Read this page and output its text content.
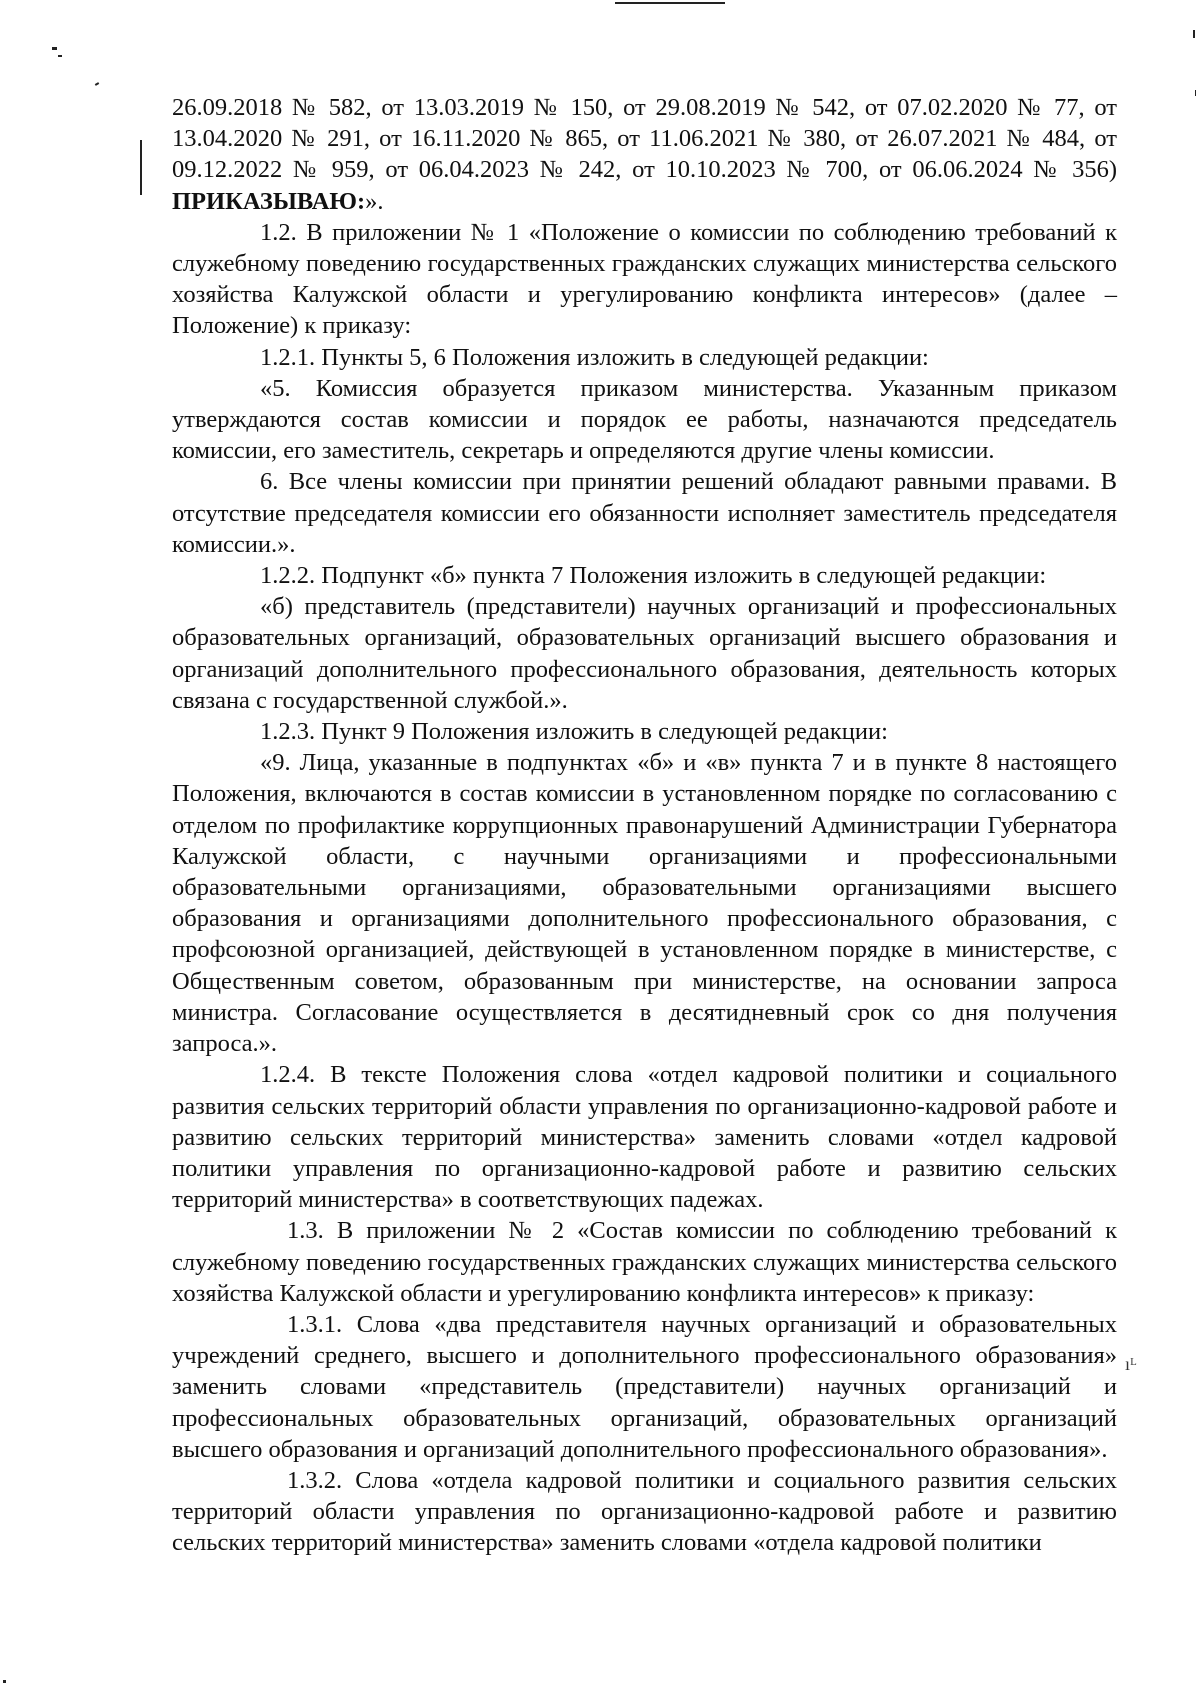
26.09.2018 № 582, от 13.03.2019 № 150, от 29.08.2019 № 542, от 07.02.2020 № 77, от 13.04.2020 № 291, от 16.11.2020 № 865, от 11.06.2021 № 380, от 26.07.2021 № 484, от 09.12.2022 № 959, от 06.04.2023 № 242, от 10.10.2023 № 700, от 06.06.2024 № 356) ПРИКАЗЫВАЮ:».

1.2. В приложении № 1 «Положение о комиссии по соблюдению требований к служебному поведению государственных гражданских служащих министерства сельского хозяйства Калужской области и урегулированию конфликта интересов» (далее – Положение) к приказу:

1.2.1. Пункты 5, 6 Положения изложить в следующей редакции:

«5. Комиссия образуется приказом министерства. Указанным приказом утверждаются состав комиссии и порядок ее работы, назначаются председатель комиссии, его заместитель, секретарь и определяются другие члены комиссии.

6. Все члены комиссии при принятии решений обладают равными правами. В отсутствие председателя комиссии его обязанности исполняет заместитель председателя комиссии.».

1.2.2. Подпункт «б» пункта 7 Положения изложить в следующей редакции:

«б) представитель (представители) научных организаций и профессиональных образовательных организаций, образовательных организаций высшего образования и организаций дополнительного профессионального образования, деятельность которых связана с государственной службой.».

1.2.3. Пункт 9 Положения изложить в следующей редакции:

«9. Лица, указанные в подпунктах «б» и «в» пункта 7 и в пункте 8 настоящего Положения, включаются в состав комиссии в установленном порядке по согласованию с отделом по профилактике коррупционных правонарушений Администрации Губернатора Калужской области, с научными организациями и профессиональными образовательными организациями, образовательными организациями высшего образования и организациями дополнительного профессионального образования, с профсоюзной организацией, действующей в установленном порядке в министерстве, с Общественным советом, образованным при министерстве, на основании запроса министра. Согласование осуществляется в десятидневный срок со дня получения запроса.».

1.2.4. В тексте Положения слова «отдел кадровой политики и социального развития сельских территорий области управления по организационно-кадровой работе и развитию сельских территорий министерства» заменить словами «отдел кадровой политики управления по организационно-кадровой работе и развитию сельских территорий министерства» в соответствующих падежах.

1.3. В приложении № 2 «Состав комиссии по соблюдению требований к служебному поведению государственных гражданских служащих министерства сельского хозяйства Калужской области и урегулированию конфликта интересов» к приказу:

1.3.1. Слова «два представителя научных организаций и образовательных учреждений среднего, высшего и дополнительного профессионального образования» заменить словами «представитель (представители) научных организаций и профессиональных образовательных организаций, образовательных организаций высшего образования и организаций дополнительного профессионального образования».

1.3.2. Слова «отдела кадровой политики и социального развития сельских территорий области управления по организационно-кадровой работе и развитию сельских территорий министерства» заменить словами «отдела кадровой политики

ıᴸ
